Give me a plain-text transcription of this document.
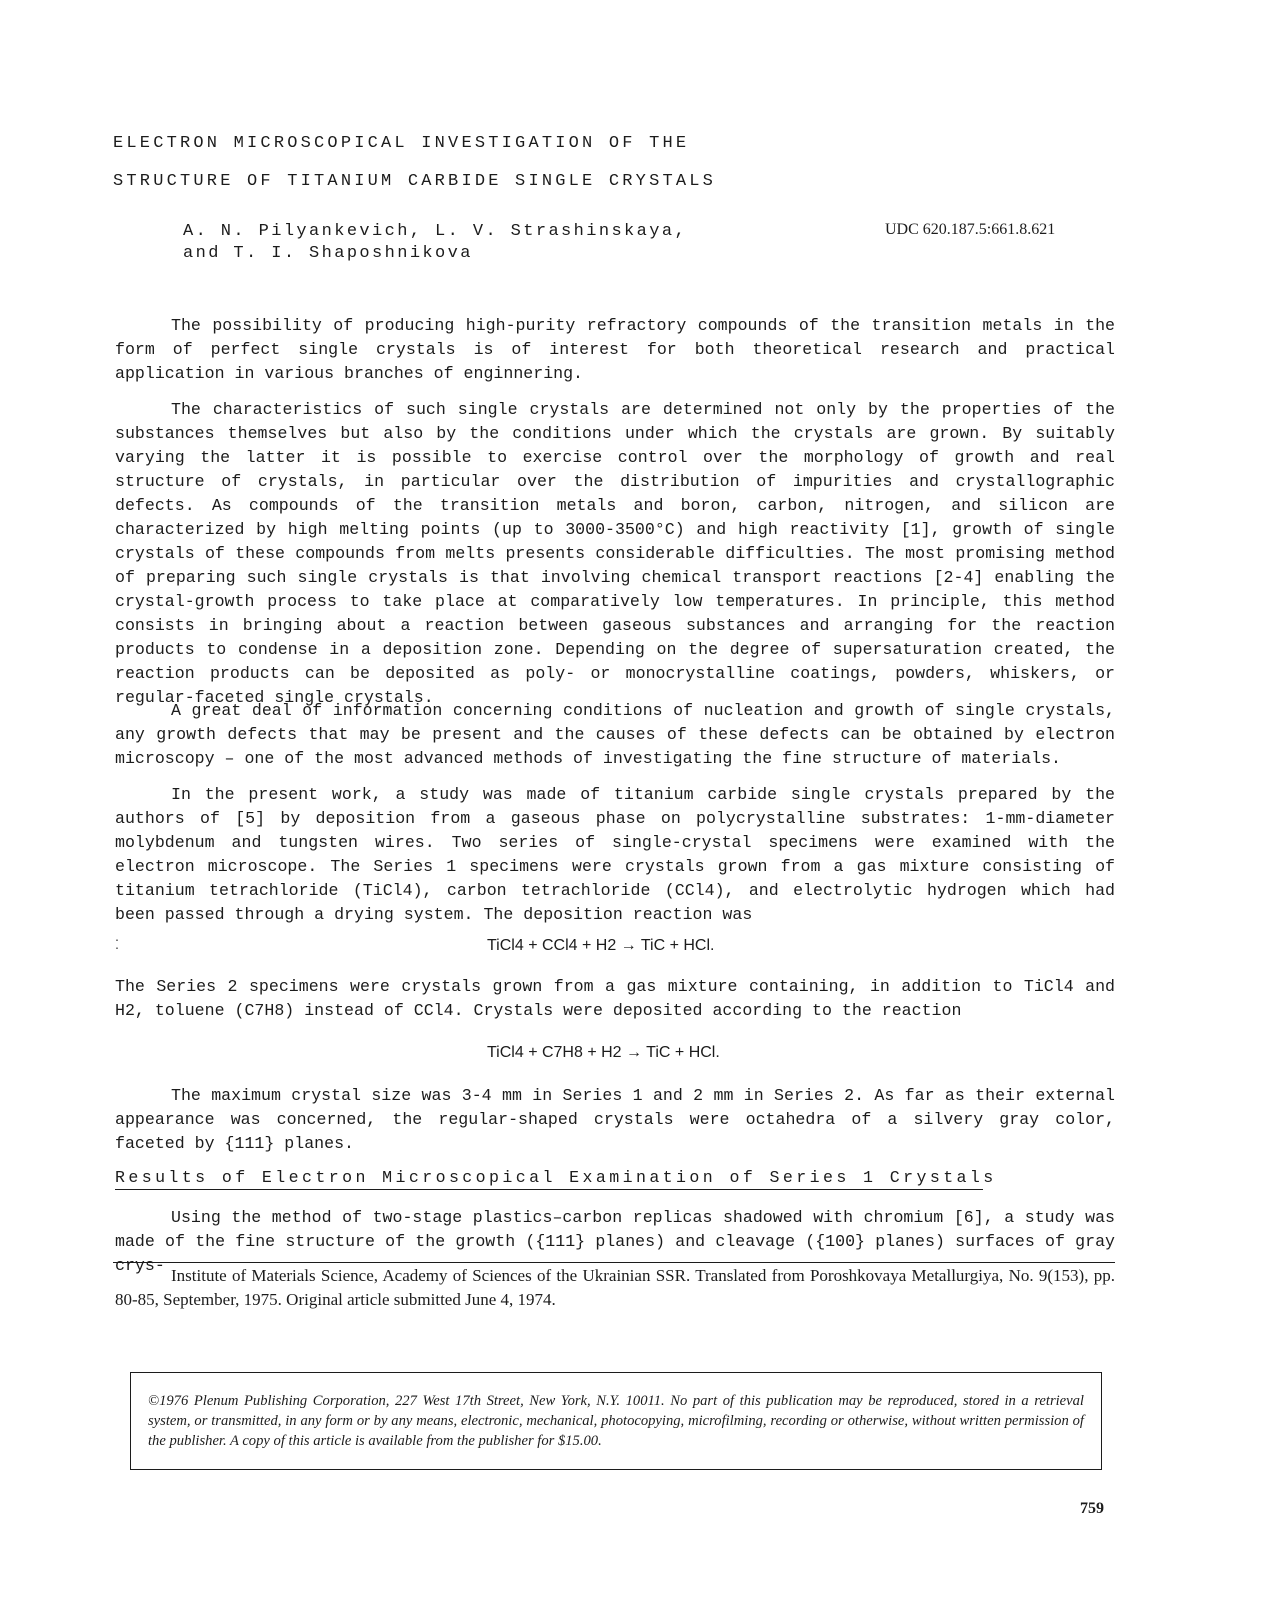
ELECTRON MICROSCOPICAL INVESTIGATION OF THE
STRUCTURE OF TITANIUM CARBIDE SINGLE CRYSTALS
A. N. Pilyankevich, L. V. Strashinskaya,
and T. I. Shaposhnikova
UDC 620.187.5:661.8.621

The possibility of producing high-purity refractory compounds of the transition metals in the form of perfect single crystals is of interest for both theoretical research and practical application in various branches of enginnering.

The characteristics of such single crystals are determined not only by the properties of the substances themselves but also by the conditions under which the crystals are grown. By suitably varying the latter it is possible to exercise control over the morphology of growth and real structure of crystals, in particular over the distribution of impurities and crystallographic defects. As compounds of the transition metals and boron, carbon, nitrogen, and silicon are characterized by high melting points (up to 3000-3500°C) and high reactivity [1], growth of single crystals of these compounds from melts presents considerable difficulties. The most promising method of preparing such single crystals is that involving chemical transport reactions [2-4] enabling the crystal-growth process to take place at comparatively low temperatures. In principle, this method consists in bringing about a reaction between gaseous substances and arranging for the reaction products to condense in a deposition zone. Depending on the degree of supersaturation created, the reaction products can be deposited as poly- or monocrystalline coatings, powders, whiskers, or regular-faceted single crystals.

A great deal of information concerning conditions of nucleation and growth of single crystals, any growth defects that may be present and the causes of these defects can be obtained by electron microscopy – one of the most advanced methods of investigating the fine structure of materials.

In the present work, a study was made of titanium carbide single crystals prepared by the authors of [5] by deposition from a gaseous phase on polycrystalline substrates: 1-mm-diameter molybdenum and tungsten wires. Two series of single-crystal specimens were examined with the electron microscope. The Series 1 specimens were crystals grown from a gas mixture consisting of titanium tetrachloride (TiCl4), carbon tetrachloride (CCl4), and electrolytic hydrogen which had been passed through a drying system. The deposition reaction was

·
·	TiCl4 + CCl4 + H2 → TiC + HCl.

The Series 2 specimens were crystals grown from a gas mixture containing, in addition to TiCl4 and H2, toluene (C7H8) instead of CCl4. Crystals were deposited according to the reaction

TiCl4 + C7H8 + H2 → TiC + HCl.

The maximum crystal size was 3-4 mm in Series 1 and 2 mm in Series 2. As far as their external appearance was concerned, the regular-shaped crystals were octahedra of a silvery gray color, faceted by {111} planes.

Results of Electron Microscopical Examination of Series 1 Crystals

Using the method of two-stage plastics–carbon replicas shadowed with chromium [6], a study was made of the fine structure of the growth ({111} planes) and cleavage ({100} planes) surfaces of gray crys-

Institute of Materials Science, Academy of Sciences of the Ukrainian SSR. Translated from Poroshkovaya Metallurgiya, No. 9(153), pp. 80-85, September, 1975. Original article submitted June 4, 1974.

©1976 Plenum Publishing Corporation, 227 West 17th Street, New York, N.Y. 10011. No part of this publication may be reproduced, stored in a retrieval system, or transmitted, in any form or by any means, electronic, mechanical, photocopying, microfilming, recording or otherwise, without written permission of the publisher. A copy of this article is available from the publisher for $15.00.
759
